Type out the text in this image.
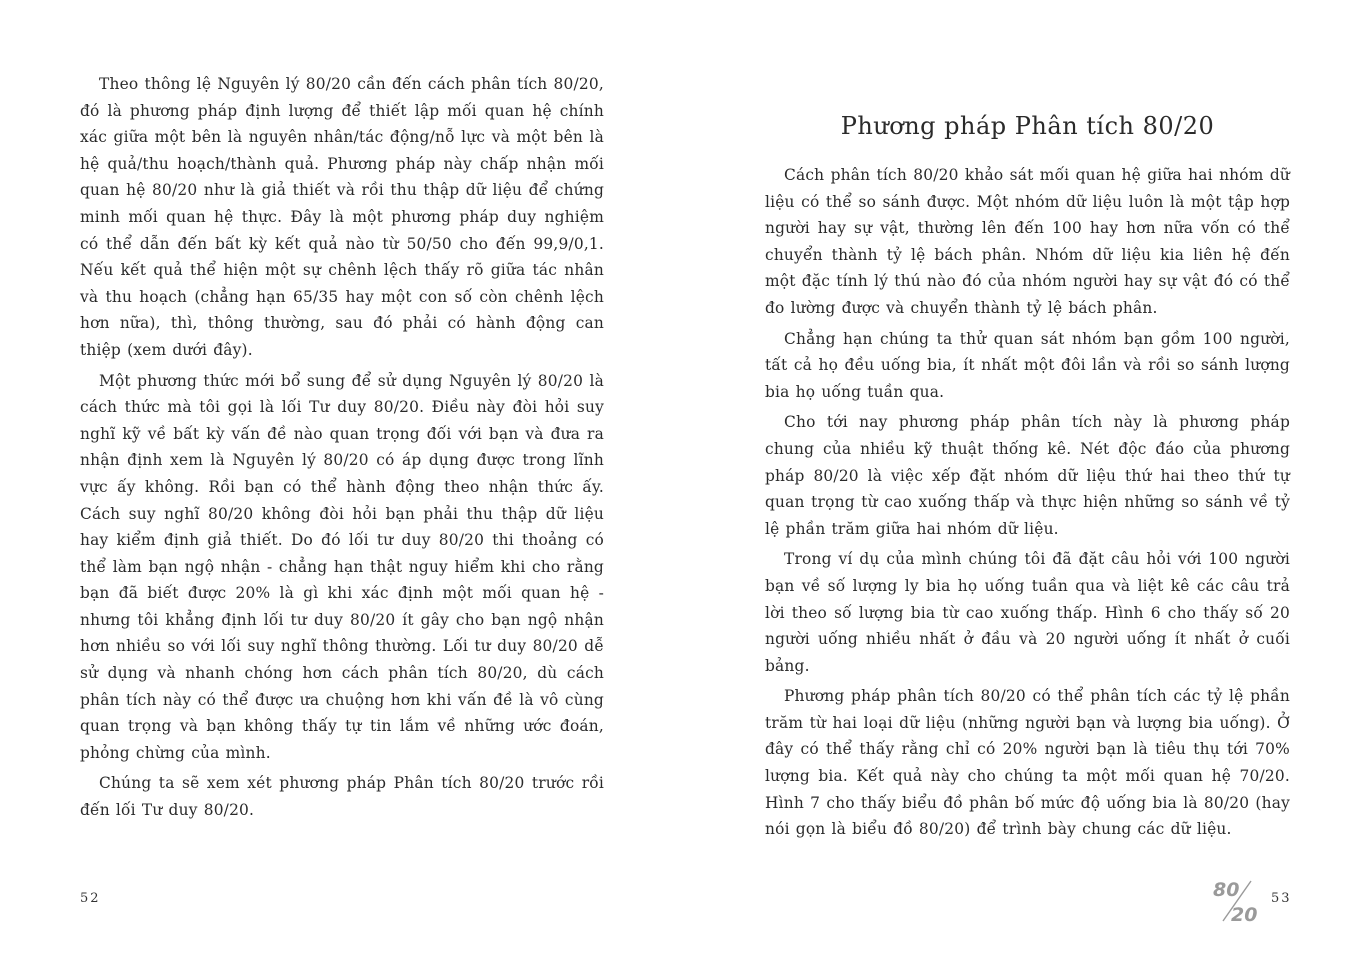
Theo thông lệ Nguyên lý 80/20 cần đến cách phân tích 80/20, đó là phương pháp định lượng để thiết lập mối quan hệ chính xác giữa một bên là nguyên nhân/tác động/nỗ lực và một bên là hệ quả/thu hoạch/thành quả. Phương pháp này chấp nhận mối quan hệ 80/20 như là giả thiết và rồi thu thập dữ liệu để chứng minh mối quan hệ thực. Đây là một phương pháp duy nghiệm có thể dẫn đến bất kỳ kết quả nào từ 50/50 cho đến 99,9/0,1. Nếu kết quả thể hiện một sự chênh lệch thấy rõ giữa tác nhân và thu hoạch (chẳng hạn 65/35 hay một con số còn chênh lệch hơn nữa), thì, thông thường, sau đó phải có hành động can thiệp (xem dưới đây).

Một phương thức mới bổ sung để sử dụng Nguyên lý 80/20 là cách thức mà tôi gọi là lối Tư duy 80/20. Điều này đòi hỏi suy nghĩ kỹ về bất kỳ vấn đề nào quan trọng đối với bạn và đưa ra nhận định xem là Nguyên lý 80/20 có áp dụng được trong lĩnh vực ấy không. Rồi bạn có thể hành động theo nhận thức ấy. Cách suy nghĩ 80/20 không đòi hỏi bạn phải thu thập dữ liệu hay kiểm định giả thiết. Do đó lối tư duy 80/20 thi thoảng có thể làm bạn ngộ nhận - chẳng hạn thật nguy hiểm khi cho rằng bạn đã biết được 20% là gì khi xác định một mối quan hệ - nhưng tôi khẳng định lối tư duy 80/20 ít gây cho bạn ngộ nhận hơn nhiều so với lối suy nghĩ thông thường. Lối tư duy 80/20 dễ sử dụng và nhanh chóng hơn cách phân tích 80/20, dù cách phân tích này có thể được ưa chuộng hơn khi vấn đề là vô cùng quan trọng và bạn không thấy tự tin lắm về những ước đoán, phỏng chừng của mình.

Chúng ta sẽ xem xét phương pháp Phân tích 80/20 trước rồi đến lối Tư duy 80/20.

52
Phương pháp Phân tích 80/20

Cách phân tích 80/20 khảo sát mối quan hệ giữa hai nhóm dữ liệu có thể so sánh được. Một nhóm dữ liệu luôn là một tập hợp người hay sự vật, thường lên đến 100 hay hơn nữa vốn có thể chuyển thành tỷ lệ bách phân. Nhóm dữ liệu kia liên hệ đến một đặc tính lý thú nào đó của nhóm người hay sự vật đó có thể đo lường được và chuyển thành tỷ lệ bách phân.

Chẳng hạn chúng ta thử quan sát nhóm bạn gồm 100 người, tất cả họ đều uống bia, ít nhất một đôi lần và rồi so sánh lượng bia họ uống tuần qua.

Cho tới nay phương pháp phân tích này là phương pháp chung của nhiều kỹ thuật thống kê. Nét độc đáo của phương pháp 80/20 là việc xếp đặt nhóm dữ liệu thứ hai theo thứ tự quan trọng từ cao xuống thấp và thực hiện những so sánh về tỷ lệ phần trăm giữa hai nhóm dữ liệu.

Trong ví dụ của mình chúng tôi đã đặt câu hỏi với 100 người bạn về số lượng ly bia họ uống tuần qua và liệt kê các câu trả lời theo số lượng bia từ cao xuống thấp. Hình 6 cho thấy số 20 người uống nhiều nhất ở đầu và 20 người uống ít nhất ở cuối bảng.

Phương pháp phân tích 80/20 có thể phân tích các tỷ lệ phần trăm từ hai loại dữ liệu (những người bạn và lượng bia uống). Ở đây có thể thấy rằng chỉ có 20% người bạn là tiêu thụ tới 70% lượng bia. Kết quả này cho chúng ta một mối quan hệ 70/20. Hình 7 cho thấy biểu đồ phân bố mức độ uống bia là 80/20 (hay nói gọn là biểu đồ 80/20) để trình bày chung các dữ liệu.

80
20
53
